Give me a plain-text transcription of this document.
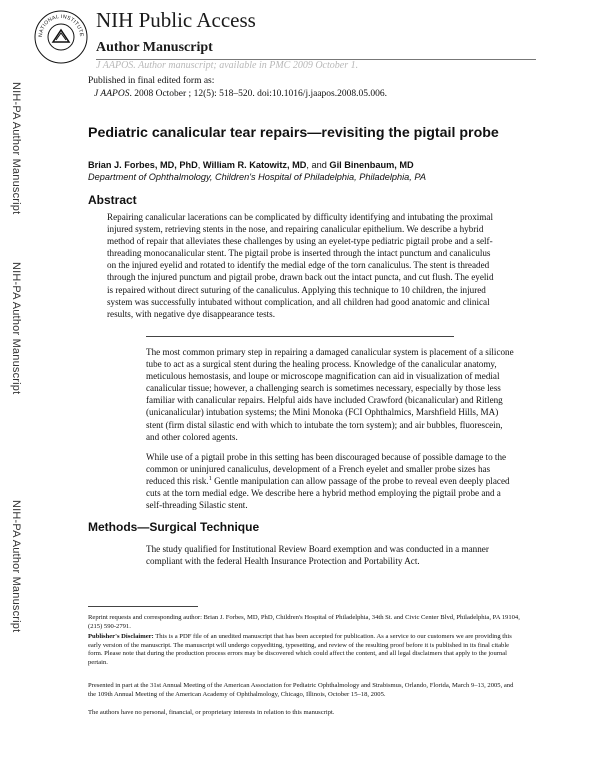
NATIONAL INSTITUTE
NIH Public Access
Author Manuscript
J AAPOS. Author manuscript; available in PMC 2009 October 1.
Published in final edited form as:
J AAPOS. 2008 October ; 12(5): 518–520. doi:10.1016/j.jaapos.2008.05.006.
NIH-PA Author Manuscript
NIH-PA Author Manuscript
NIH-PA Author Manuscript
Pediatric canalicular tear repairs—revisiting the pigtail probe
Brian J. Forbes, MD, PhD, William R. Katowitz, MD, and Gil Binenbaum, MD
Department of Ophthalmology, Children's Hospital of Philadelphia, Philadelphia, PA
Abstract
Repairing canalicular lacerations can be complicated by difficulty identifying and intubating the proximal injured system, retrieving stents in the nose, and repairing canalicular epithelium. We describe a hybrid method of repair that alleviates these challenges by using an eyelet-type pediatric pigtail probe and a self-threading monocanalicular stent. The pigtail probe is inserted through the intact punctum and canaliculus on the injured eyelid and rotated to identify the medial edge of the torn canaliculus. The stent is threaded through the injured punctum and pigtail probe, drawn back out the intact puncta, and cut flush. The eyelid is repaired without direct suturing of the canaliculus. Applying this technique to 10 children, the injured system was successfully intubated without complication, and all children had good anatomic and clinical results, with negative dye disappearance tests.
The most common primary step in repairing a damaged canalicular system is placement of a silicone tube to act as a surgical stent during the healing process. Knowledge of the canalicular anatomy, meticulous hemostasis, and loupe or microscope magnification can aid in visualization of medial canalicular tissue; however, a challenging search is sometimes necessary, especially by those less familiar with canalicular repairs. Helpful aids have included Crawford (bicanalicular) and Ritleng (unicanalicular) intubation systems; the Mini Monoka (FCI Ophthalmics, Marshfield Hills, MA) stent (firm distal silastic end with which to intubate the torn system); and air bubbles, fluorescein, and other colored agents.
While use of a pigtail probe in this setting has been discouraged because of possible damage to the common or uninjured canaliculus, development of a French eyelet and smaller probe sizes has reduced this risk.$^1$ Gentle manipulation can allow passage of the probe to reveal even deeply placed cuts at the torn medial edge. We describe here a hybrid method employing the pigtail probe and a self-threading Silastic stent.
Methods—Surgical Technique
The study qualified for Institutional Review Board exemption and was conducted in a manner compliant with the federal Health Insurance Protection and Portability Act.
Reprint requests and corresponding author: Brian J. Forbes, MD, PhD, Children's Hospital of Philadelphia, 34th St. and Civic Center Blvd, Philadelphia, PA 19104, (215) 590-2791.
Publisher's Disclaimer: This is a PDF file of an unedited manuscript that has been accepted for publication. As a service to our customers we are providing this early version of the manuscript. The manuscript will undergo copyediting, typesetting, and review of the resulting proof before it is published in its final citable form. Please note that during the production process errors may be discovered which could affect the content, and all legal disclaimers that apply to the journal pertain.
Presented in part at the 31st Annual Meeting of the American Association for Pediatric Ophthalmology and Strabismus, Orlando, Florida, March 9–13, 2005, and the 109th Annual Meeting of the American Academy of Ophthalmology, Chicago, Illinois, October 15–18, 2005.
The authors have no personal, financial, or proprietary interests in relation to this manuscript.
